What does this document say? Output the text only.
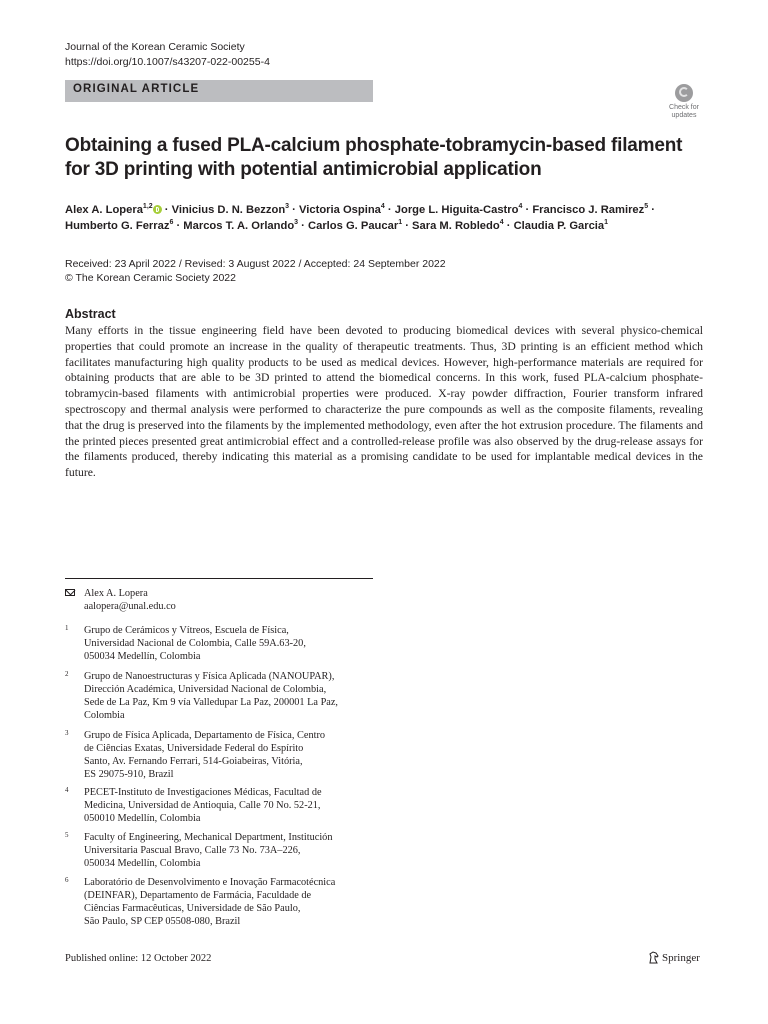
Journal of the Korean Ceramic Society
https://doi.org/10.1007/s43207-022-00255-4
ORIGINAL ARTICLE
Check for updates
Obtaining a fused PLA-calcium phosphate-tobramycin-based filament for 3D printing with potential antimicrobial application
Alex A. Lopera$^{1,2}$ · Vinicius D. N. Bezzon$^3$ · Victoria Ospina$^4$ · Jorge L. Higuita-Castro$^4$ · Francisco J. Ramirez$^5$ ·
Humberto G. Ferraz$^6$ · Marcos T. A. Orlando$^3$ · Carlos G. Paucar$^1$ · Sara M. Robledo$^4$ · Claudia P. Garcia$^1$
Received: 23 April 2022 / Revised: 3 August 2022 / Accepted: 24 September 2022
© The Korean Ceramic Society 2022
Abstract
Many efforts in the tissue engineering field have been devoted to producing biomedical devices with several physico-chemical properties that could promote an increase in the quality of therapeutic treatments. Thus, 3D printing is an efficient method which facilitates manufacturing high quality products to be used as medical devices. However, high-performance materials are required for obtaining products that are able to be 3D printed to attend the biomedical concerns. In this work, fused PLA-calcium phosphate-tobramycin-based filaments with antimicrobial properties were produced. X-ray powder diffraction, Fourier transform infrared spectroscopy and thermal analysis were performed to characterize the pure compounds as well as the composite filaments, revealing that the drug is preserved into the filaments by the implemented methodology, even after the hot extrusion procedure. The filaments and the printed pieces presented great antimicrobial effect and a controlled-release profile was also observed by the drug-release assays for the filaments produced, thereby indicating this material as a promising candidate to be used for implantable medical devices in the future.
Alex A. Lopera
aalopera@unal.edu.co
1 Grupo de Cerámicos y Vítreos, Escuela de Física,
Universidad Nacional de Colombia, Calle 59A.63-20,
050034 Medellín, Colombia
2 Grupo de Nanoestructuras y Física Aplicada (NANOUPAR),
Dirección Académica, Universidad Nacional de Colombia,
Sede de La Paz, Km 9 vía Valledupar La Paz, 200001 La Paz,
Colombia
3 Grupo de Física Aplicada, Departamento de Física, Centro
de Ciências Exatas, Universidade Federal do Espírito
Santo, Av. Fernando Ferrari, 514-Goiabeiras, Vitória,
ES 29075-910, Brazil
4 PECET-Instituto de Investigaciones Médicas, Facultad de
Medicina, Universidad de Antioquia, Calle 70 No. 52-21,
050010 Medellín, Colombia
5 Faculty of Engineering, Mechanical Department, Institución
Universitaria Pascual Bravo, Calle 73 No. 73A–226,
050034 Medellín, Colombia
6 Laboratório de Desenvolvimento e Inovação Farmacotécnica
(DEINFAR), Departamento de Farmácia, Faculdade de
Ciências Farmacêuticas, Universidade de São Paulo,
São Paulo, SP CEP 05508-080, Brazil
Published online: 12 October 2022	Springer
